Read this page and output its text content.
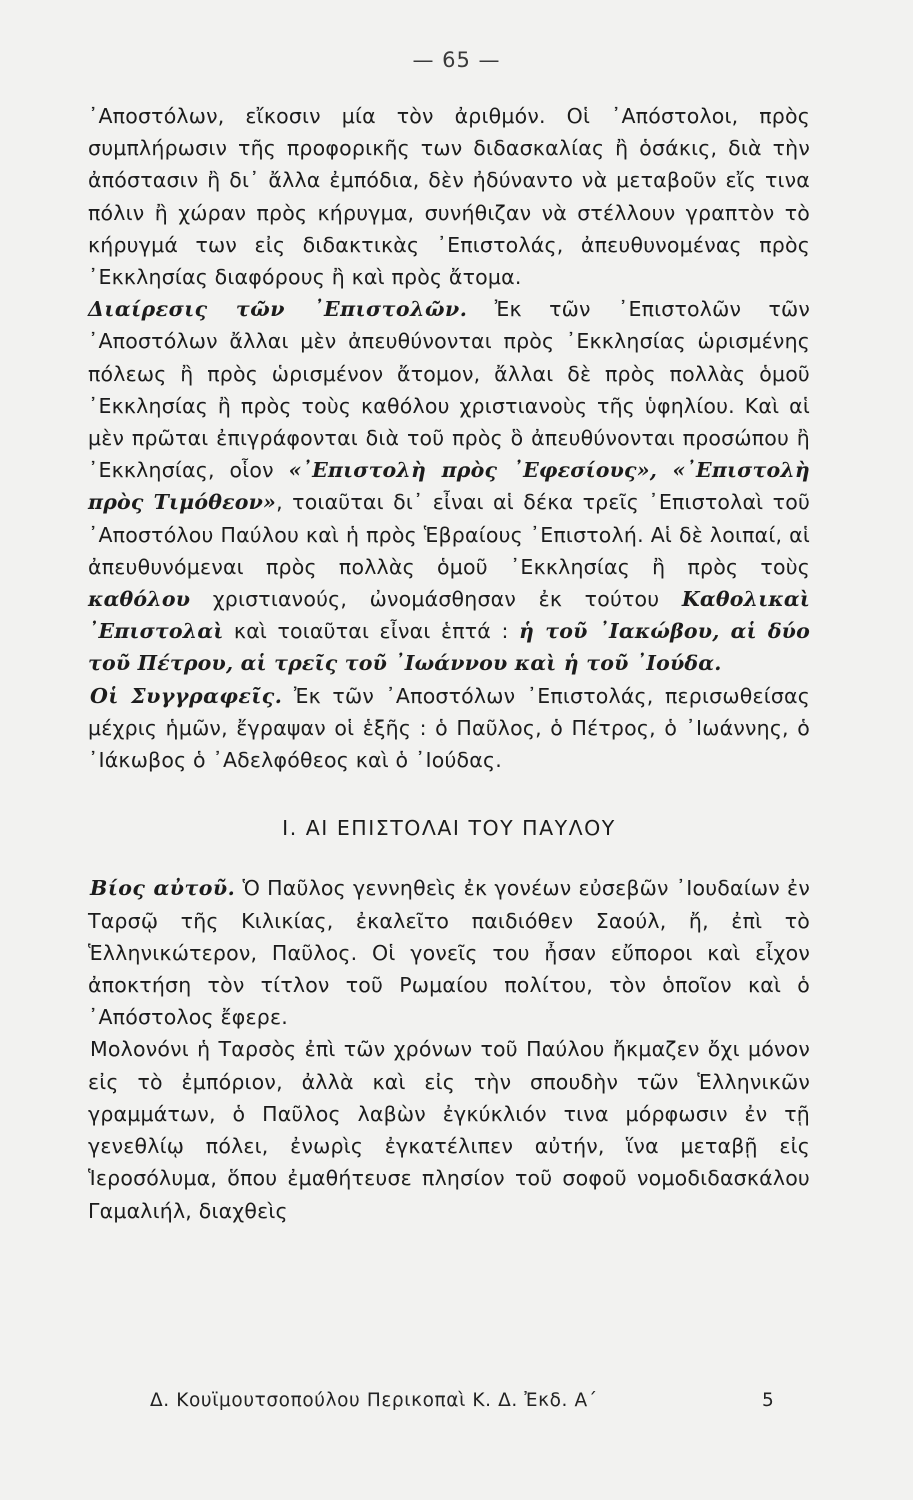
— 65 —

᾿Αποστόλων, εἴκοσιν μία τὸν ἀριθμόν. Οἱ ᾿Απόστολοι, πρὸς συμπλήρωσιν τῆς προφορικῆς των διδασκαλίας ἢ ὁσάκις, διὰ τὴν ἀπόστασιν ἢ δι᾿ ἄλλα ἐμπόδια, δὲν ἠδύναντο νὰ μεταβοῦν εἴς τινα πόλιν ἢ χώραν πρὸς κήρυγμα, συνήθιζαν νὰ στέλλουν γραπτὸν τὸ κήρυγμά των εἰς διδακτικὰς ᾿Επιστολάς, ἀπευθυνομένας πρὸς ᾿Εκκλησίας διαφόρους ἢ καὶ πρὸς ἄτομα.

Διαίρεσις τῶν ᾿Επιστολῶν. Ἐκ τῶν ᾿Επιστολῶν τῶν ᾿Αποστόλων ἄλλαι μὲν ἀπευθύνονται πρὸς ᾿Εκκλησίας ὡρισμένης πόλεως ἢ πρὸς ὡρισμένον ἄτομον, ἄλλαι δὲ πρὸς πολλὰς ὁμοῦ ᾿Εκκλησίας ἢ πρὸς τοὺς καθόλου χριστιανοὺς τῆς ὑφηλίου. Καὶ αἱ μὲν πρῶται ἐπιγράφονται διὰ τοῦ πρὸς ὃ ἀπευθύνονται προσώπου ἢ ᾿Εκκλησίας, οἷον «᾿Επιστολὴ πρὸς ᾿Εφεσίους», «᾿Επιστολὴ πρὸς Τιμόθεον», τοιαῦται δι᾿ εἶναι αἱ δέκα τρεῖς ᾿Επιστολαὶ τοῦ ᾿Αποστόλου Παύλου καὶ ἡ πρὸς Ἑβραίους ᾿Επιστολή. Αἱ δὲ λοιπαί, αἱ ἀπευθυνόμεναι πρὸς πολλὰς ὁμοῦ ᾿Εκκλησίας ἢ πρὸς τοὺς καθόλου χριστιανούς, ὠνομάσθησαν ἐκ τούτου Καθολικαὶ ᾿Επιστολαὶ καὶ τοιαῦται εἶναι ἑπτά : ἡ τοῦ ᾿Ιακώβου, αἱ δύο τοῦ Πέτρου, αἱ τρεῖς τοῦ ᾿Ιωάννου καὶ ἡ τοῦ ᾿Ιούδα.

Οἱ Συγγραφεῖς. Ἐκ τῶν ᾿Αποστόλων ᾿Επιστολάς, περισωθείσας μέχρις ἡμῶν, ἔγραψαν οἱ ἑξῆς : ὁ Παῦλος, ὁ Πέτρος, ὁ ᾿Ιωάννης, ὁ ᾿Ιάκωβος ὁ ᾿Αδελφόθεος καὶ ὁ ᾿Ιούδας.

I. ΑΙ ΕΠΙΣΤΟΛΑΙ ΤΟΥ ΠΑΥΛΟΥ

Βίος αὐτοῦ. Ὁ Παῦλος γεννηθεὶς ἐκ γονέων εὐσεβῶν ᾿Ιουδαίων ἐν Ταρσῷ τῆς Κιλικίας, ἐκαλεῖτο παιδιόθεν Σαούλ, ἤ, ἐπὶ τὸ Ἑλληνικώτερον, Παῦλος. Οἱ γονεῖς του ἦσαν εὔποροι καὶ εἶχον ἀποκτήση τὸν τίτλον τοῦ Ρωμαίου πολίτου, τὸν ὁποῖον καὶ ὁ ᾿Απόστολος ἔφερε.

Μολονόνι ἡ Ταρσὸς ἐπὶ τῶν χρόνων τοῦ Παύλου ἤκμαζεν ὄχι μόνον εἰς τὸ ἐμπόριον, ἀλλὰ καὶ εἰς τὴν σπουδὴν τῶν Ἑλληνικῶν γραμμάτων, ὁ Παῦλος λαβὼν ἐγκύκλιόν τινα μόρφωσιν ἐν τῇ γενεθλίῳ πόλει, ἐνωρὶς ἐγκατέλιπεν αὐτήν, ἵνα μεταβῇ εἰς Ἱεροσόλυμα, ὅπου ἐμαθήτευσε πλησίον τοῦ σοφοῦ νομοδιδασκάλου Γαμαλιήλ, διαχθεὶς

Δ. Κουϊμουτσοπούλου Περικοπαὶ Κ. Δ. Ἐκδ. Α΄	5
